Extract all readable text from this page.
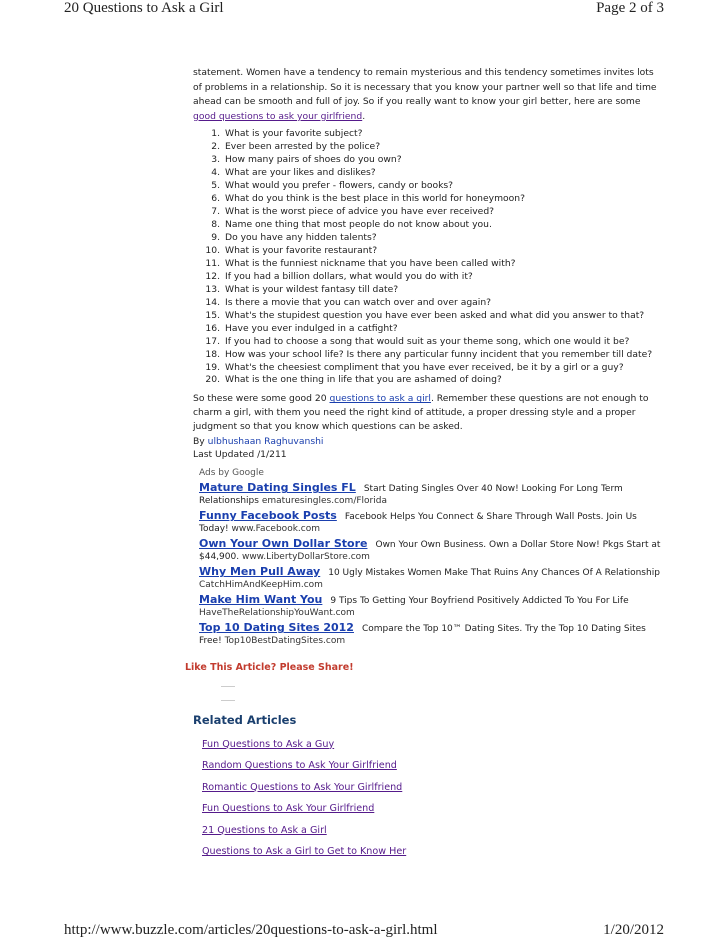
20 Questions to Ask a Girl	Page 2 of 3

statement. Women have a tendency to remain mysterious and this tendency sometimes invites lots of problems in a relationship. So it is necessary that you know your partner well so that life and time ahead can be smooth and full of joy. So if you really want to know your girl better, here are some good questions to ask your girlfriend.

1. What is your favorite subject?
2. Ever been arrested by the police?
3. How many pairs of shoes do you own?
4. What are your likes and dislikes?
5. What would you prefer - flowers, candy or books?
6. What do you think is the best place in this world for honeymoon?
7. What is the worst piece of advice you have ever received?
8. Name one thing that most people do not know about you.
9. Do you have any hidden talents?
10. What is your favorite restaurant?
11. What is the funniest nickname that you have been called with?
12. If you had a billion dollars, what would you do with it?
13. What is your wildest fantasy till date?
14. Is there a movie that you can watch over and over again?
15. What's the stupidest question you have ever been asked and what did you answer to that?
16. Have you ever indulged in a catfight?
17. If you had to choose a song that would suit as your theme song, which one would it be?
18. How was your school life? Is there any particular funny incident that you remember till date?
19. What's the cheesiest compliment that you have ever received, be it by a girl or a guy?
20. What is the one thing in life that you are ashamed of doing?

So these were some good 20 questions to ask a girl. Remember these questions are not enough to charm a girl, with them you need the right kind of attitude, a proper dressing style and a proper judgment so that you know which questions can be asked.

By ulbhushaan Raghuvanshi
Last Updated /1/211
Ads by Google
Mature Dating Singles FL Start Dating Singles Over 40 Now! Looking For Long Term Relationships ematuresingles.com/Florida
Funny Facebook Posts Facebook Helps You Connect & Share Through Wall Posts. Join Us Today! www.Facebook.com
Own Your Own Dollar Store Own Your Own Business. Own a Dollar Store Now! Pkgs Start at $44,900. www.LibertyDollarStore.com
Why Men Pull Away 10 Ugly Mistakes Women Make That Ruins Any Chances Of A Relationship CatchHimAndKeepHim.com
Make Him Want You 9 Tips To Getting Your Boyfriend Positively Addicted To You For Life HaveTheRelationshipYouWant.com
Top 10 Dating Sites 2012 Compare the Top 10™ Dating Sites. Try the Top 10 Dating Sites Free! Top10BestDatingSites.com
Like This Article? Please Share!
Related Articles
Fun Questions to Ask a Guy
Random Questions to Ask Your Girlfriend
Romantic Questions to Ask Your Girlfriend
Fun Questions to Ask Your Girlfriend
21 Questions to Ask a Girl
Questions to Ask a Girl to Get to Know Her
http://www.buzzle.com/articles/20questions-to-ask-a-girl.html	1/20/2012
